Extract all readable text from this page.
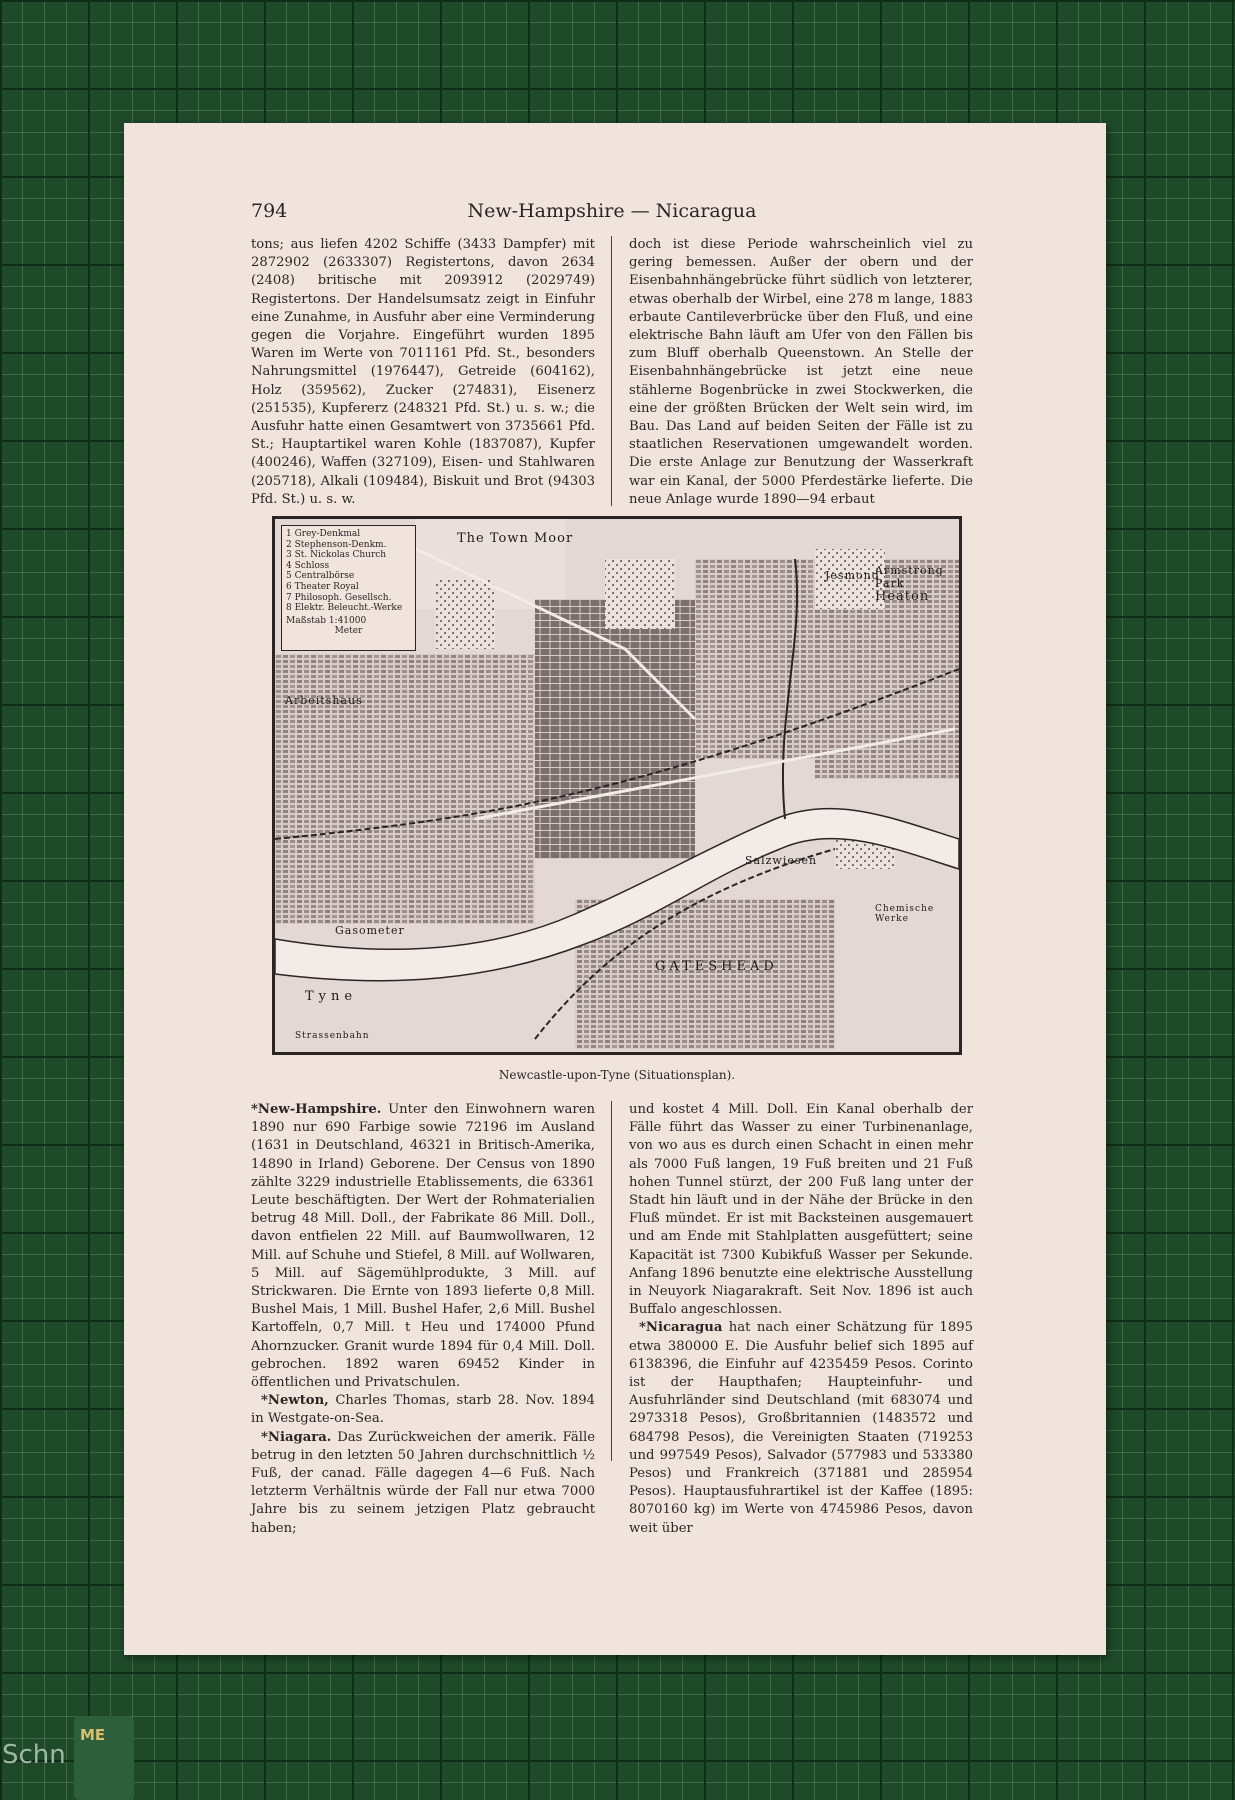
Schn
ME
New-Hampshire — Nicaragua
794

tons; aus liefen 4202 Schiffe (3433 Dampfer) mit 2872902 (2633307) Registertons, davon 2634 (2408) britische mit 2093912 (2029749) Registertons. Der Handelsumsatz zeigt in Einfuhr eine Zunahme, in Ausfuhr aber eine Verminderung gegen die Vorjahre. Eingeführt wurden 1895 Waren im Werte von 7011161 Pfd. St., besonders Nahrungsmittel (1976447), Getreide (604162), Holz (359562), Zucker (274831), Eisenerz (251535), Kupfererz (248321 Pfd. St.) u. s. w.; die Ausfuhr hatte einen Gesamtwert von 3735661 Pfd. St.; Hauptartikel waren Kohle (1837087), Kupfer (400246), Waffen (327109), Eisen- und Stahlwaren (205718), Alkali (109484), Biskuit und Brot (94303 Pfd. St.) u. s. w.

doch ist diese Periode wahrscheinlich viel zu gering bemessen. Außer der obern und der Eisenbahnhängebrücke führt südlich von letzterer, etwas oberhalb der Wirbel, eine 278 m lange, 1883 erbaute Cantileverbrücke über den Fluß, und eine elektrische Bahn läuft am Ufer von den Fällen bis zum Bluff oberhalb Queenstown. An Stelle der Eisenbahnhängebrücke ist jetzt eine neue stählerne Bogenbrücke in zwei Stockwerken, die eine der größten Brücken der Welt sein wird, im Bau. Das Land auf beiden Seiten der Fälle ist zu staatlichen Reservationen umgewandelt worden. Die erste Anlage zur Benutzung der Wasserkraft war ein Kanal, der 5000 Pferdestärke lieferte. Die neue Anlage wurde 1890—94 erbaut

1 Grey-Denkmal
2 Stephenson-Denkm.
3 St. Nickolas Church
4 Schloss
5 Centralbörse
6 Theater Royal
7 Philosoph. Gesellsch.
8 Elektr. Beleucht.-Werke
Maßstab 1:41000
Meter
The Town Moor
Heaton
GATESHEAD
Tyne
Jesmond
Armstrong Park
Arbeitshaus
Salzwiesen
Chemische Werke
Gasometer
Strassenbahn
Newcastle-upon-Tyne (Situationsplan).

*New-Hampshire. Unter den Einwohnern waren 1890 nur 690 Farbige sowie 72196 im Ausland (1631 in Deutschland, 46321 in Britisch-Amerika, 14890 in Irland) Geborene. Der Census von 1890 zählte 3229 industrielle Etablissements, die 63361 Leute beschäftigten. Der Wert der Rohmaterialien betrug 48 Mill. Doll., der Fabrikate 86 Mill. Doll., davon entfielen 22 Mill. auf Baumwollwaren, 12 Mill. auf Schuhe und Stiefel, 8 Mill. auf Wollwaren, 5 Mill. auf Sägemühlprodukte, 3 Mill. auf Strickwaren. Die Ernte von 1893 lieferte 0,8 Mill. Bushel Mais, 1 Mill. Bushel Hafer, 2,6 Mill. Bushel Kartoffeln, 0,7 Mill. t Heu und 174000 Pfund Ahornzucker. Granit wurde 1894 für 0,4 Mill. Doll. gebrochen. 1892 waren 69452 Kinder in öffentlichen und Privatschulen.

*Newton, Charles Thomas, starb 28. Nov. 1894 in Westgate-on-Sea.

*Niagara. Das Zurückweichen der amerik. Fälle betrug in den letzten 50 Jahren durchschnittlich ½ Fuß, der canad. Fälle dagegen 4—6 Fuß. Nach letzterm Verhältnis würde der Fall nur etwa 7000 Jahre bis zu seinem jetzigen Platz gebraucht haben;

und kostet 4 Mill. Doll. Ein Kanal oberhalb der Fälle führt das Wasser zu einer Turbinenanlage, von wo aus es durch einen Schacht in einen mehr als 7000 Fuß langen, 19 Fuß breiten und 21 Fuß hohen Tunnel stürzt, der 200 Fuß lang unter der Stadt hin läuft und in der Nähe der Brücke in den Fluß mündet. Er ist mit Backsteinen ausgemauert und am Ende mit Stahlplatten ausgefüttert; seine Kapacität ist 7300 Kubikfuß Wasser per Sekunde. Anfang 1896 benutzte eine elektrische Ausstellung in Neuyork Niagarakraft. Seit Nov. 1896 ist auch Buffalo angeschlossen.

*Nicaragua hat nach einer Schätzung für 1895 etwa 380000 E. Die Ausfuhr belief sich 1895 auf 6138396, die Einfuhr auf 4235459 Pesos. Corinto ist der Haupthafen; Haupteinfuhr- und Ausfuhrländer sind Deutschland (mit 683074 und 2973318 Pesos), Großbritannien (1483572 und 684798 Pesos), die Vereinigten Staaten (719253 und 997549 Pesos), Salvador (577983 und 533380 Pesos) und Frankreich (371881 und 285954 Pesos). Hauptausfuhrartikel ist der Kaffee (1895: 8070160 kg) im Werte von 4745986 Pesos, davon weit über
